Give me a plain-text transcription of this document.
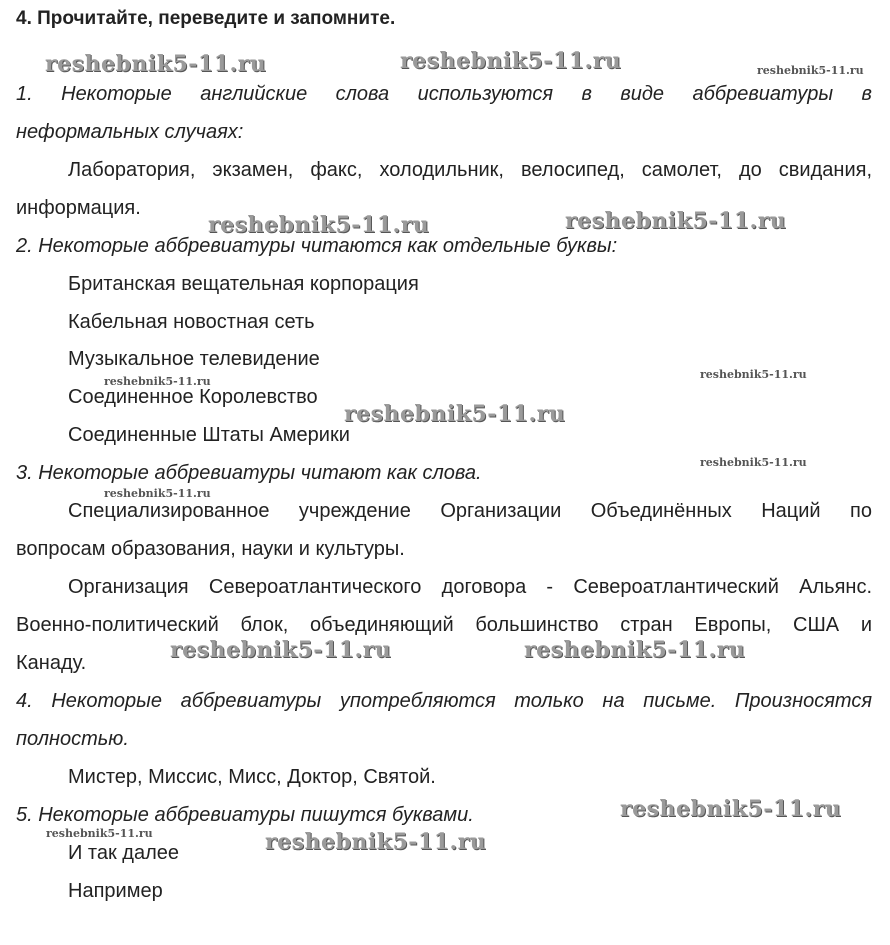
4. Прочитайте, переведите и запомните.
1. Некоторые английские слова используются в виде аббревиатуры в
неформальных случаях:
Лаборатория, экзамен, факс, холодильник, велосипед, самолет, до свидания,
информация.
2. Некоторые аббревиатуры читаются как отдельные буквы:
Британская вещательная корпорация
Кабельная новостная сеть
Музыкальное телевидение
Соединенное Королевство
Соединенные Штаты Америки
3. Некоторые аббревиатуры читают как слова.
Специализированное учреждение Организации Объединённых Наций по
вопросам образования, науки и культуры.
Организация Североатлантического договора - Североатлантический Альянс.
Военно-политический блок, объединяющий большинство стран Европы, США и
Канаду.
4. Некоторые аббревиатуры употребляются только на письме. Произносятся
полностью.
Мистер, Миссис, Мисс, Доктор, Святой.
5. Некоторые аббревиатуры пишутся буквами.
И так далее
Например
reshebnik5-11.ru	reshebnik5-11.ru	reshebnik5-11.ru
reshebnik5-11.ru	reshebnik5-11.ru
reshebnik5-11.ru
reshebnik5-11.ru
reshebnik5-11.ru
reshebnik5-11.ru
reshebnik5-11.ru
reshebnik5-11.ru	reshebnik5-11.ru
reshebnik5-11.ru
reshebnik5-11.ru	reshebnik5-11.ru
